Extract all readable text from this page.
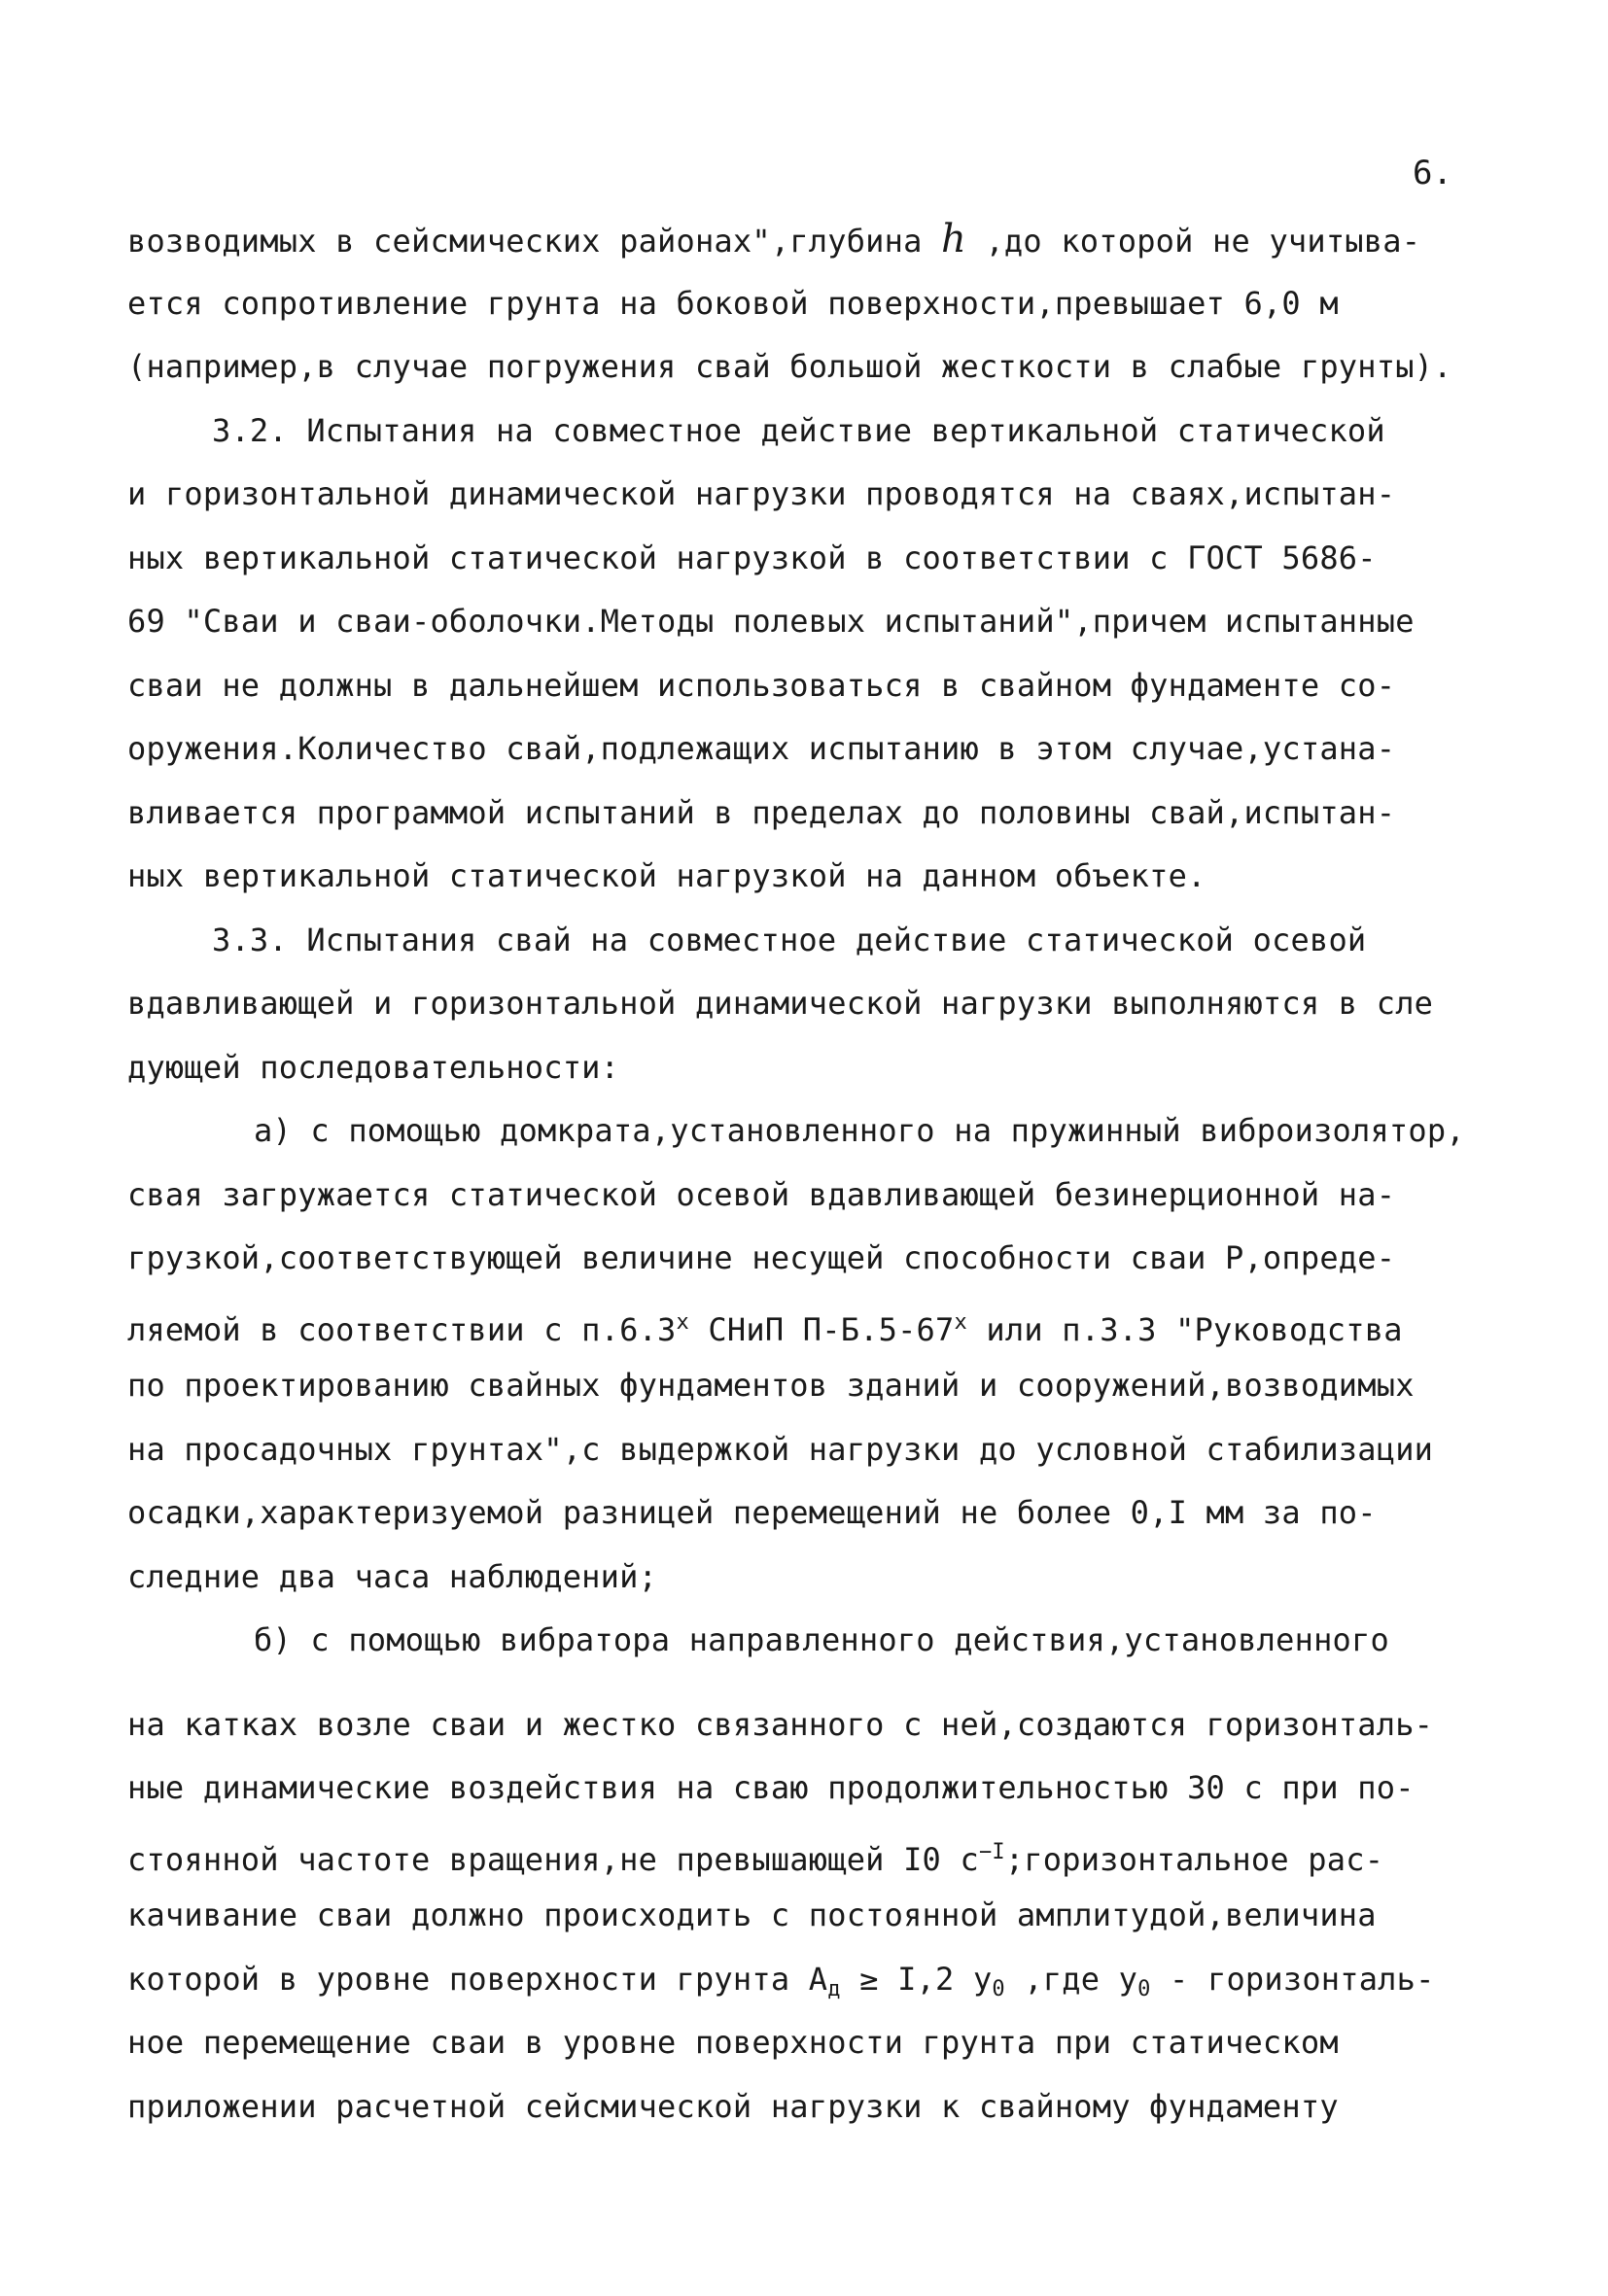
6.
возводимых в сейсмических районах",глубина h ,до которой не учитыва-
ется сопротивление грунта на боковой поверхности,превышает 6,0 м
(например,в случае погружения свай большой жесткости в слабые грунты).
3.2. Испытания на совместное действие вертикальной статической
и горизонтальной динамической нагрузки проводятся на сваях,испытан-
ных вертикальной статической нагрузкой в соответствии с ГОСТ 5686-
69 "Сваи и сваи-оболочки.Методы полевых испытаний",причем испытанные
сваи не должны в дальнейшем использоваться в свайном фундаменте со-
оружения.Количество свай,подлежащих испытанию в этом случае,устана-
вливается программой испытаний в пределах до половины свай,испытан-
ных вертикальной статической нагрузкой на данном объекте.
3.3. Испытания свай на совместное действие статической осевой
вдавливающей и горизонтальной динамической нагрузки выполняются в сле
дующей последовательности:
а) с помощью домкрата,установленного на пружинный виброизолятор,
свая загружается статической осевой вдавливающей безинерционной на-
грузкой,соответствующей величине несущей способности сваи Р,опреде-
ляемой в соответствии с п.6.3$^x$ СНиП П-Б.5-67$^x$ или п.3.3 "Руководства
по проектированию свайных фундаментов зданий и сооружений,возводимых
на просадочных грунтах",с выдержкой нагрузки до условной стабилизации
осадки,характеризуемой разницей перемещений не более 0,I мм за по-
следние два часа наблюдений;
б) с помощью вибратора направленного действия,установленного
на катках возле сваи и жестко связанного с ней,создаются горизонталь-
ные динамические воздействия на сваю продолжительностью 30 с при по-
стоянной частоте вращения,не превышающей I0 $с^{-I};горизонтальное$ рас-
качивание сваи должно происходить с постоянной амплитудой,величина
которой в уровне поверхности грунта $А_д \ge I,2$ $y_0$ ,где $y_0$ - горизонталь-
ное перемещение сваи в уровне поверхности грунта при статическом
приложении расчетной сейсмической нагрузки к свайному фундаменту
